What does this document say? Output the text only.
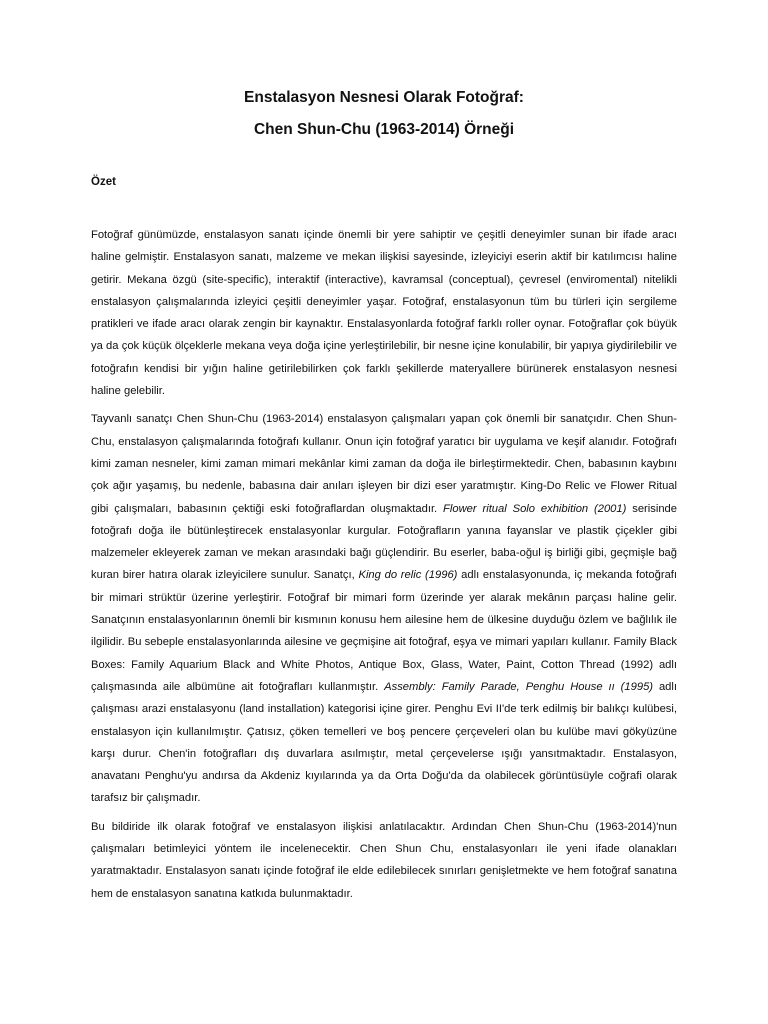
Enstalasyon Nesnesi Olarak Fotoğraf:
Chen Shun-Chu (1963-2014) Örneği
Özet

Fotoğraf günümüzde, enstalasyon sanatı içinde önemli bir yere sahiptir ve çeşitli deneyimler sunan bir ifade aracı haline gelmiştir. Enstalasyon sanatı, malzeme ve mekan ilişkisi sayesinde, izleyiciyi eserin aktif bir katılımcısı haline getirir. Mekana özgü (site-specific), interaktif (interactive), kavramsal (conceptual), çevresel (enviromental) nitelikli enstalasyon çalışmalarında izleyici çeşitli deneyimler yaşar. Fotoğraf, enstalasyonun tüm bu türleri için sergileme pratikleri ve ifade aracı olarak zengin bir kaynaktır. Enstalasyonlarda fotoğraf farklı roller oynar. Fotoğraflar çok büyük ya da çok küçük ölçeklerle mekana veya doğa içine yerleştirilebilir, bir nesne içine konulabilir, bir yapıya giydirilebilir ve fotoğrafın kendisi bir yığın haline getirilebilirken çok farklı şekillerde materyallere bürünerek enstalasyon nesnesi haline gelebilir.

Tayvanlı sanatçı Chen Shun-Chu (1963-2014) enstalasyon çalışmaları yapan çok önemli bir sanatçıdır. Chen Shun-Chu, enstalasyon çalışmalarında fotoğrafı kullanır. Onun için fotoğraf yaratıcı bir uygulama ve keşif alanıdır. Fotoğrafı kimi zaman nesneler, kimi zaman mimari mekânlar kimi zaman da doğa ile birleştirmektedir. Chen, babasının kaybını çok ağır yaşamış, bu nedenle, babasına dair anıları işleyen bir dizi eser yaratmıştır. King-Do Relic ve Flower Ritual gibi çalışmaları, babasının çektiği eski fotoğraflardan oluşmaktadır. Flower ritual Solo exhibition (2001) serisinde fotoğrafı doğa ile bütünleştirecek enstalasyonlar kurgular. Fotoğrafların yanına fayanslar ve plastik çiçekler gibi malzemeler ekleyerek zaman ve mekan arasındaki bağı güçlendirir. Bu eserler, baba-oğul iş birliği gibi, geçmişle bağ kuran birer hatıra olarak izleyicilere sunulur. Sanatçı, King do relic (1996) adlı enstalasyonunda, iç mekanda fotoğrafı bir mimari strüktür üzerine yerleştirir. Fotoğraf bir mimari form üzerinde yer alarak mekânın parçası haline gelir. Sanatçının enstalasyonlarının önemli bir kısmının konusu hem ailesine hem de ülkesine duyduğu özlem ve bağlılık ile ilgilidir. Bu sebeple enstalasyonlarında ailesine ve geçmişine ait fotoğraf, eşya ve mimari yapıları kullanır. Family Black Boxes: Family Aquarium Black and White Photos, Antique Box, Glass, Water, Paint, Cotton Thread (1992) adlı çalışmasında aile albümüne ait fotoğrafları kullanmıştır. Assembly: Family Parade, Penghu House ıı (1995) adlı çalışması arazi enstalasyonu (land installation) kategorisi içine girer. Penghu Evi II'de terk edilmiş bir balıkçı kulübesi, enstalasyon için kullanılmıştır. Çatısız, çöken temelleri ve boş pencere çerçeveleri olan bu kulübe mavi gökyüzüne karşı durur. Chen'in fotoğrafları dış duvarlara asılmıştır, metal çerçevelerse ışığı yansıtmaktadır. Enstalasyon, anavatanı Penghu'yu andırsa da Akdeniz kıyılarında ya da Orta Doğu'da da olabilecek görüntüsüyle coğrafi olarak tarafsız bir çalışmadır.

Bu bildiride ilk olarak fotoğraf ve enstalasyon ilişkisi anlatılacaktır. Ardından Chen Shun-Chu (1963-2014)'nun çalışmaları betimleyici yöntem ile incelenecektir. Chen Shun Chu, enstalasyonları ile yeni ifade olanakları yaratmaktadır. Enstalasyon sanatı içinde fotoğraf ile elde edilebilecek sınırları genişletmekte ve hem fotoğraf sanatına hem de enstalasyon sanatına katkıda bulunmaktadır.
